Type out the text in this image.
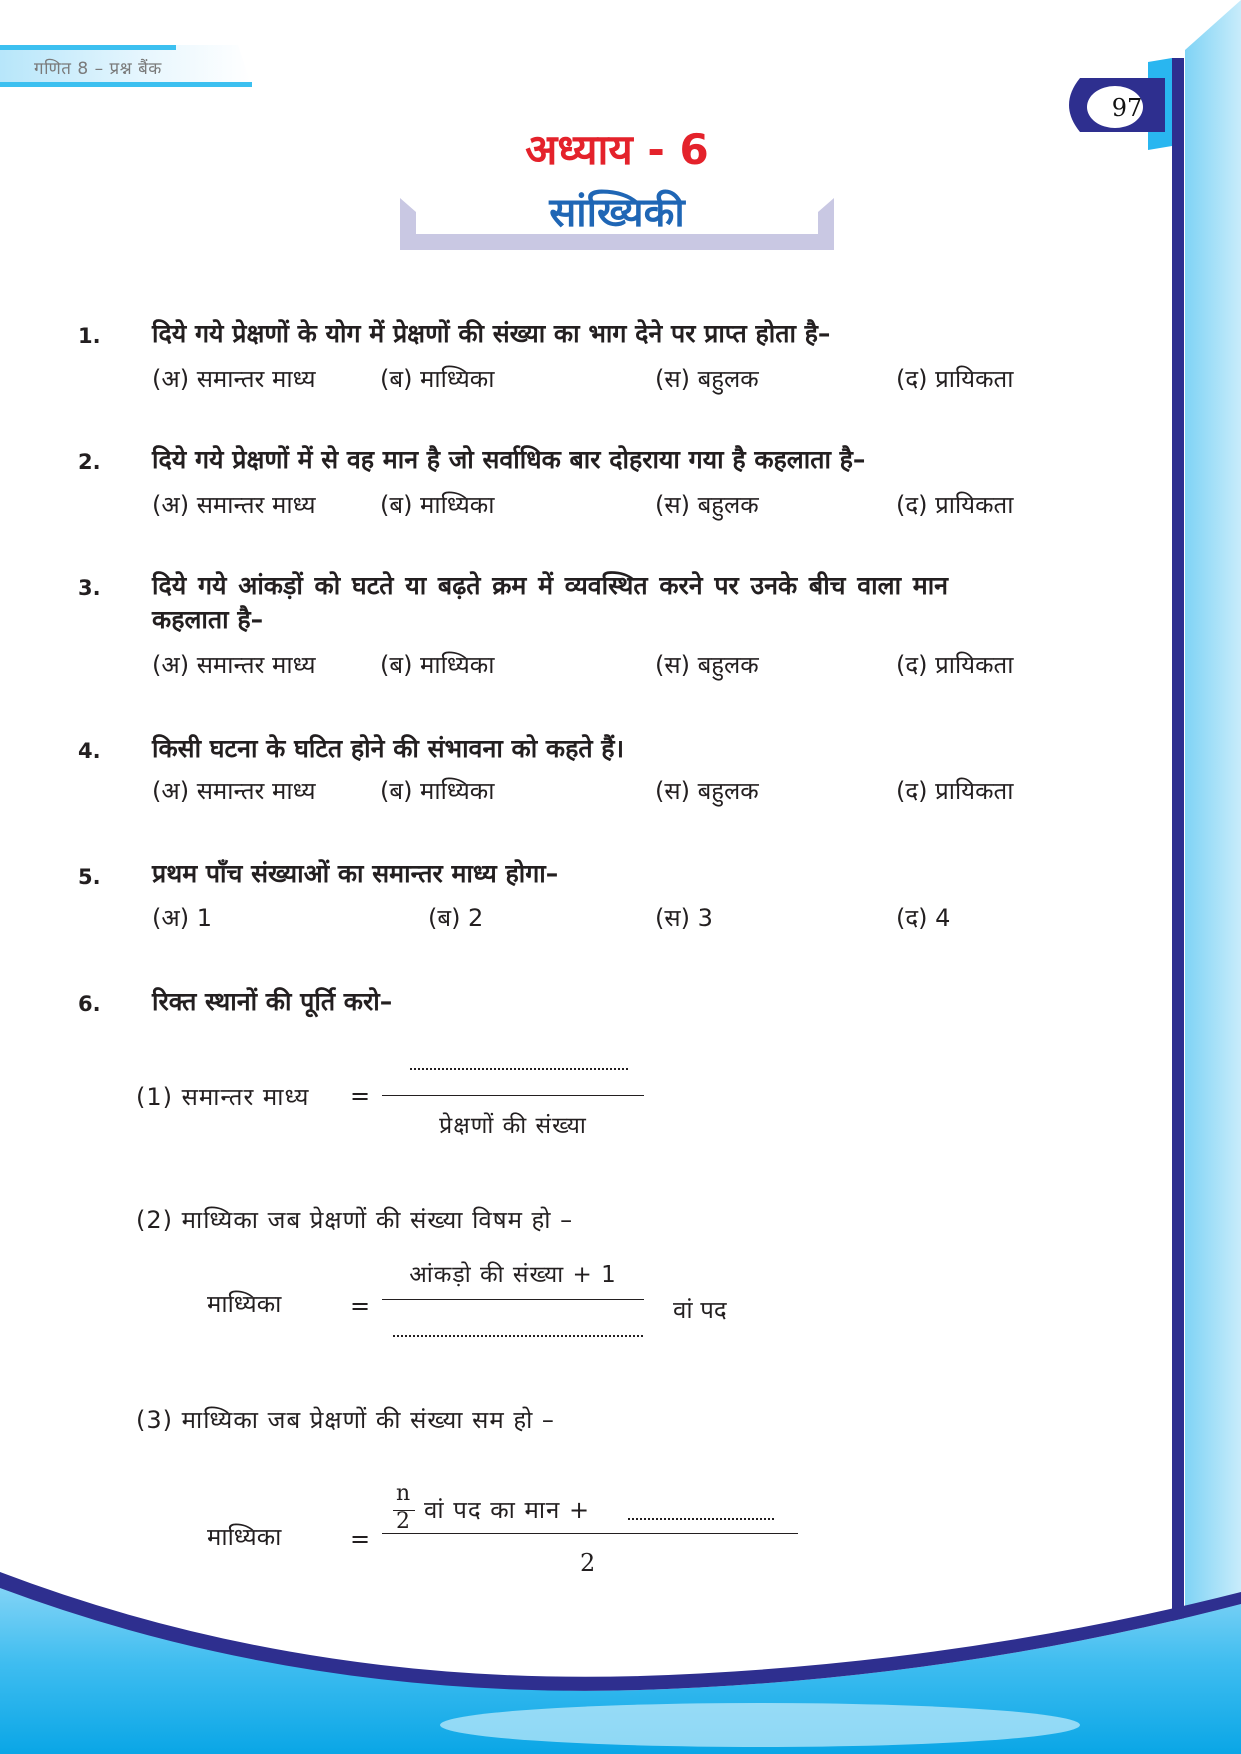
गणित 8 – प्रश्न बैंक
97
अध्याय - 6
सांख्यिकी
1. दिये गये प्रेक्षणों के योग में प्रेक्षणों की संख्या का भाग देने पर प्राप्त होता है–
(अ) समान्तर माध्य	(ब) माध्यिका	(स) बहुलक	(द) प्रायिकता
2. दिये गये प्रेक्षणों में से वह मान है जो सर्वाधिक बार दोहराया गया है कहलाता है–
(अ) समान्तर माध्य	(ब) माध्यिका	(स) बहुलक	(द) प्रायिकता
3. दिये गये आंकड़ों को घटते या बढ़ते क्रम में व्यवस्थित करने पर उनके बीच वाला मान
कहलाता है–
(अ) समान्तर माध्य	(ब) माध्यिका	(स) बहुलक	(द) प्रायिकता
4. किसी घटना के घटित होने की संभावना को कहते हैं।
(अ) समान्तर माध्य	(ब) माध्यिका	(स) बहुलक	(द) प्रायिकता
5. प्रथम पाँच संख्याओं का समान्तर माध्य होगा–
(अ) 1	(ब) 2	(स) 3	(द) 4
6. रिक्त स्थानों की पूर्ति करो–
(1) समान्तर माध्य =
प्रेक्षणों की संख्या
(2) माध्यिका जब प्रेक्षणों की संख्या विषम हो –
माध्यिका	=
आंकड़ो की संख्या + 1
वां पद
(3) माध्यिका जब प्रेक्षणों की संख्या सम हो –
माध्यिका	=
n
2 वां पद का मान +
2
